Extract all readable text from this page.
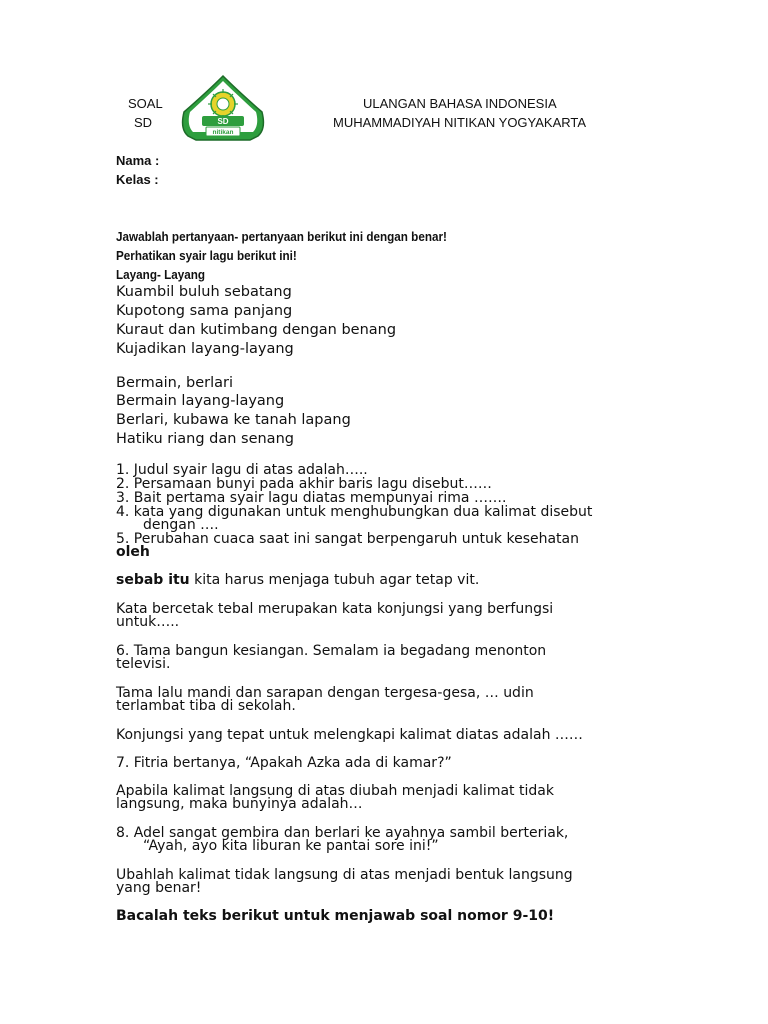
SOAL
SD	SD
nitikan
ULANGAN BAHASA INDONESIA
MUHAMMADIYAH NITIKAN YOGYAKARTA
Nama :
Kelas :
Jawablah pertanyaan- pertanyaan berikut ini dengan benar!
Perhatikan syair lagu berikut ini!
Layang- Layang
Kuambil buluh sebatang
Kupotong sama panjang
Kuraut dan kutimbang dengan benang
Kujadikan layang-layang
Bermain, berlari
Bermain layang-layang
Berlari, kubawa ke tanah lapang
Hatiku riang dan senang
1. Judul syair lagu di atas adalah…..
2. Persamaan bunyi pada akhir baris lagu disebut……
3. Bait pertama syair lagu diatas mempunyai rima …….
4. kata yang digunakan untuk menghubungkan dua kalimat disebut
dengan ….
5. Perubahan cuaca saat ini sangat berpengaruh untuk kesehatan
oleh
sebab itu kita harus menjaga tubuh agar tetap vit.
Kata bercetak tebal merupakan kata konjungsi yang berfungsi
untuk…..
6. Tama bangun kesiangan. Semalam ia begadang menonton
televisi.
Tama lalu mandi dan sarapan dengan tergesa-gesa, … udin
terlambat tiba di sekolah.
Konjungsi yang tepat untuk melengkapi kalimat diatas adalah ……
7. Fitria bertanya, “Apakah Azka ada di kamar?”
Apabila kalimat langsung di atas diubah menjadi kalimat tidak
langsung, maka bunyinya adalah…
8. Adel sangat gembira dan berlari ke ayahnya sambil berteriak,
“Ayah, ayo kita liburan ke pantai sore ini!”
Ubahlah kalimat tidak langsung di atas menjadi bentuk langsung
yang benar!
Bacalah teks berikut untuk menjawab soal nomor 9-10!
